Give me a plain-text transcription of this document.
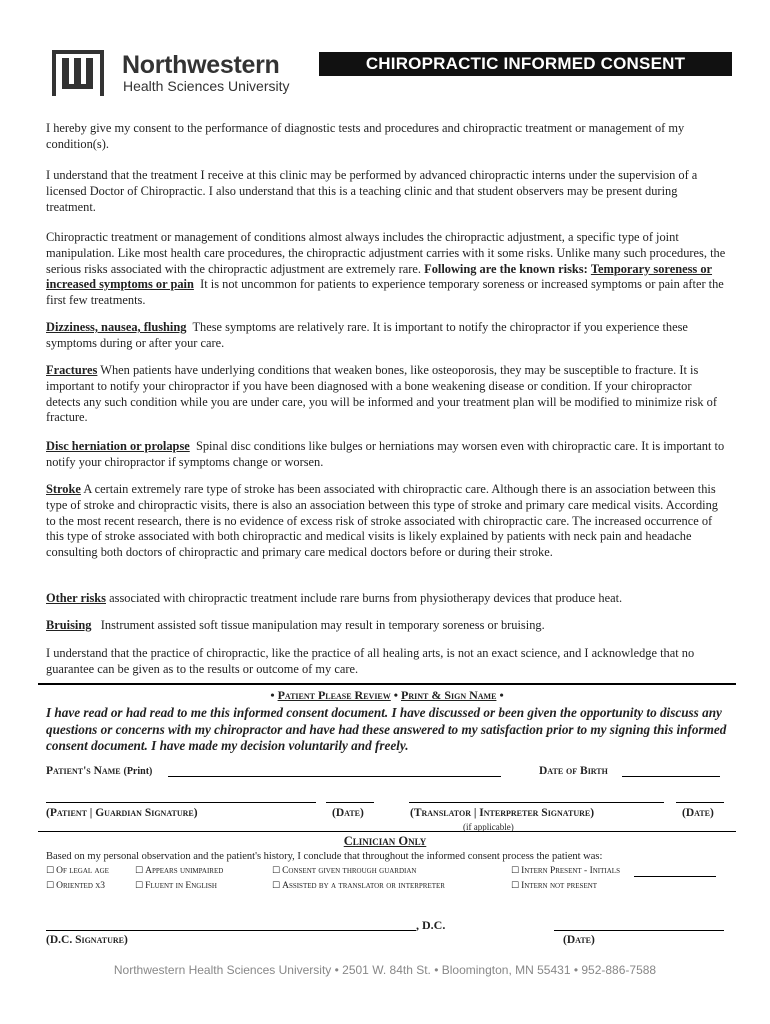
Northwestern
Health Sciences University
CHIROPRACTIC INFORMED CONSENT

I hereby give my consent to the performance of diagnostic tests and procedures and chiropractic treatment or management of my condition(s).

I understand that the treatment I receive at this clinic may be performed by advanced chiropractic interns under the supervision of a licensed Doctor of Chiropractic. I also understand that this is a teaching clinic and that student observers may be present during treatment.

Chiropractic treatment or management of conditions almost always includes the chiropractic adjustment, a specific type of joint manipulation. Like most health care procedures, the chiropractic adjustment carries with it some risks. Unlike many such procedures, the serious risks associated with the chiropractic adjustment are extremely rare. Following are the known risks: Temporary soreness or increased symptoms or pain It is not uncommon for patients to experience temporary soreness or increased symptoms or pain after the first few treatments.

Dizziness, nausea, flushing These symptoms are relatively rare. It is important to notify the chiropractor if you experience these symptoms during or after your care.

Fractures When patients have underlying conditions that weaken bones, like osteoporosis, they may be susceptible to fracture. It is important to notify your chiropractor if you have been diagnosed with a bone weakening disease or condition. If your chiropractor detects any such condition while you are under care, you will be informed and your treatment plan will be modified to minimize risk of fracture.

Disc herniation or prolapse Spinal disc conditions like bulges or herniations may worsen even with chiropractic care. It is important to notify your chiropractor if symptoms change or worsen.

Stroke A certain extremely rare type of stroke has been associated with chiropractic care. Although there is an association between this type of stroke and chiropractic visits, there is also an association between this type of stroke and primary care medical visits. According to the most recent research, there is no evidence of excess risk of stroke associated with chiropractic care. The increased occurrence of this type of stroke associated with both chiropractic and medical visits is likely explained by patients with neck pain and headache consulting both doctors of chiropractic and primary care medical doctors before or during their stroke.

Other risks associated with chiropractic treatment include rare burns from physiotherapy devices that produce heat.

Bruising Instrument assisted soft tissue manipulation may result in temporary soreness or bruising.

I understand that the practice of chiropractic, like the practice of all healing arts, is not an exact science, and I acknowledge that no guarantee can be given as to the results or outcome of my care.

• Patient Please Review • Print & Sign Name •
I have read or had read to me this informed consent document. I have discussed or been given the opportunity to discuss any questions or concerns with my chiropractor and have had these answered to my satisfaction prior to my signing this informed consent document. I have made my decision voluntarily and freely.
Patient's Name (Print)	Date of Birth
(Patient | Guardian Signature)	(Date)	(Translator | Interpreter Signature)	(Date)
(if applicable)
Clinician Only
Based on my personal observation and the patient's history, I conclude that throughout the informed consent process the patient was:
☐ Of legal age	☐ Appears unimpaired	☐ Consent given through guardian	☐ Intern Present - Initials
☐ Oriented x3	☐ Fluent in English	☐ Assisted by a translator or interpreter	☐ Intern not present
, D.C.
(D.C. Signature)	(Date)
Northwestern Health Sciences University • 2501 W. 84th St. • Bloomington, MN 55431 • 952-886-7588
